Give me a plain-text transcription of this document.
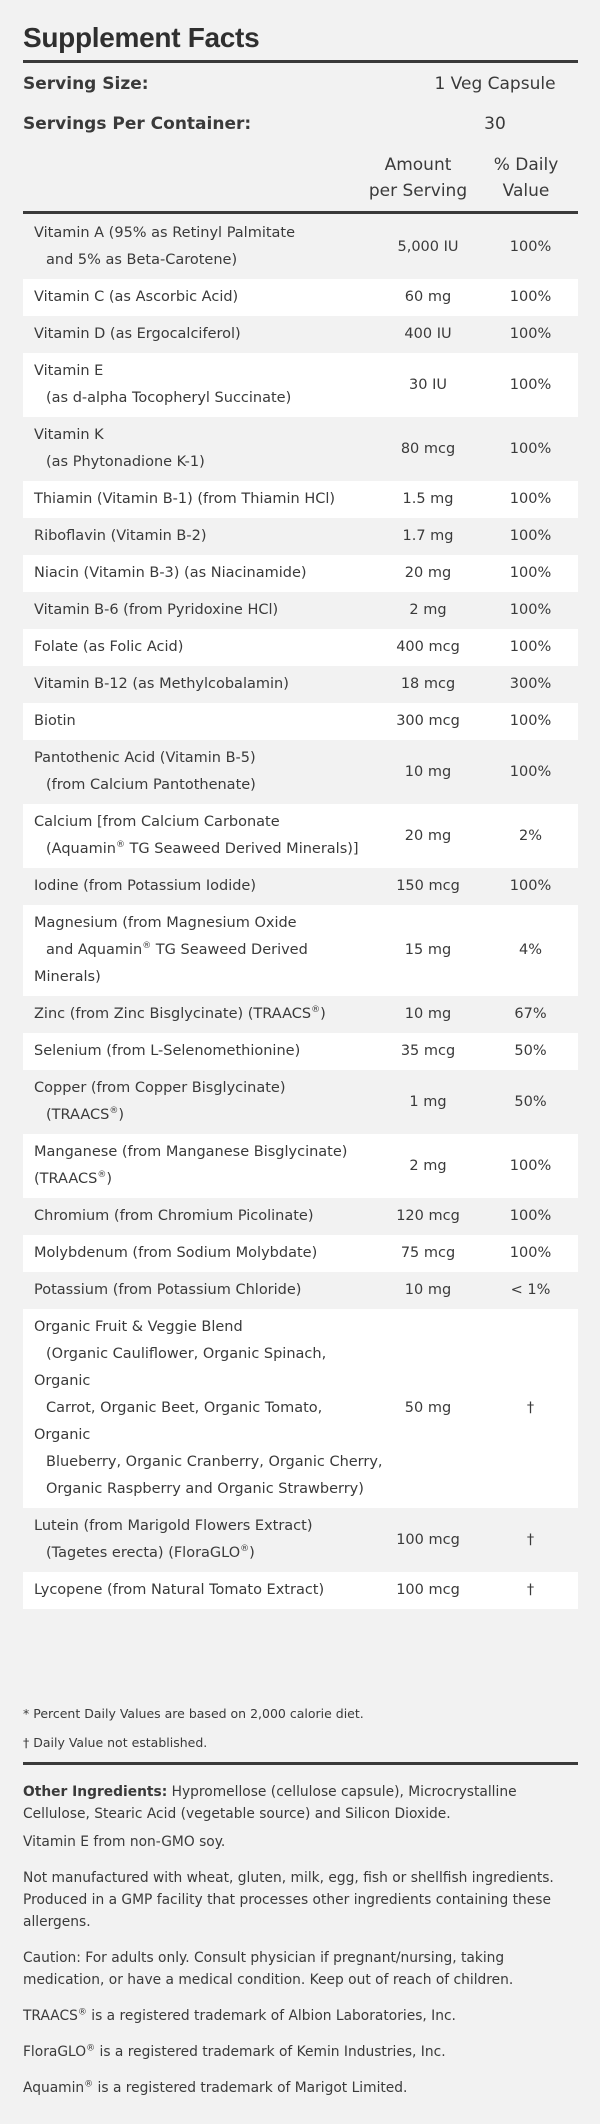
Supplement Facts
Serving Size:	1 Veg Capsule
Servings Per Container:	30
Amount
per Serving
% Daily
Value
Vitamin A (95% as Retinyl Palmitate
and 5% as Beta-Carotene)
5,000 IU	100%
Vitamin C (as Ascorbic Acid)	60 mg	100%
Vitamin D (as Ergocalciferol)	400 IU	100%
Vitamin E
(as d-alpha Tocopheryl Succinate)
30 IU	100%
Vitamin K
(as Phytonadione K-1)
80 mcg	100%
Thiamin (Vitamin B-1) (from Thiamin HCl)	1.5 mg	100%
Riboflavin (Vitamin B-2)	1.7 mg	100%
Niacin (Vitamin B-3) (as Niacinamide)	20 mg	100%
Vitamin B-6 (from Pyridoxine HCl)	2 mg	100%
Folate (as Folic Acid)	400 mcg	100%
Vitamin B-12 (as Methylcobalamin)	18 mcg	300%
Biotin	300 mcg	100%
Pantothenic Acid (Vitamin B-5)
(from Calcium Pantothenate)
10 mg	100%
Calcium [from Calcium Carbonate
(Aquamin® TG Seaweed Derived Minerals)]
20 mg	2%
Iodine (from Potassium Iodide)	150 mcg	100%
Magnesium (from Magnesium Oxide
and Aquamin® TG Seaweed Derived
Minerals)
15 mg	4%
Zinc (from Zinc Bisglycinate) (TRAACS®)	10 mg	67%
Selenium (from L-Selenomethionine)	35 mcg	50%
Copper (from Copper Bisglycinate)
(TRAACS®)
1 mg	50%
Manganese (from Manganese Bisglycinate)
(TRAACS®)
2 mg	100%
Chromium (from Chromium Picolinate)	120 mcg	100%
Molybdenum (from Sodium Molybdate)	75 mcg	100%
Potassium (from Potassium Chloride)	10 mg	< 1%
Organic Fruit & Veggie Blend
(Organic Cauliflower, Organic Spinach,
Organic
Carrot, Organic Beet, Organic Tomato,
Organic
Blueberry, Organic Cranberry, Organic Cherry,
Organic Raspberry and Organic Strawberry)
50 mg	†
Lutein (from Marigold Flowers Extract)
(Tagetes erecta) (FloraGLO®)
100 mcg	†
Lycopene (from Natural Tomato Extract)	100 mcg	†
* Percent Daily Values are based on 2,000 calorie diet.
† Daily Value not established.
Other Ingredients: Hypromellose (cellulose capsule), Microcrystalline Cellulose, Stearic Acid (vegetable source) and Silicon Dioxide.
Vitamin E from non-GMO soy.
Not manufactured with wheat, gluten, milk, egg, fish or shellfish ingredients. Produced in a GMP facility that processes other ingredients containing these allergens.
Caution: For adults only. Consult physician if pregnant/nursing, taking medication, or have a medical condition. Keep out of reach of children.
TRAACS® is a registered trademark of Albion Laboratories, Inc.
FloraGLO® is a registered trademark of Kemin Industries, Inc.
Aquamin® is a registered trademark of Marigot Limited.
